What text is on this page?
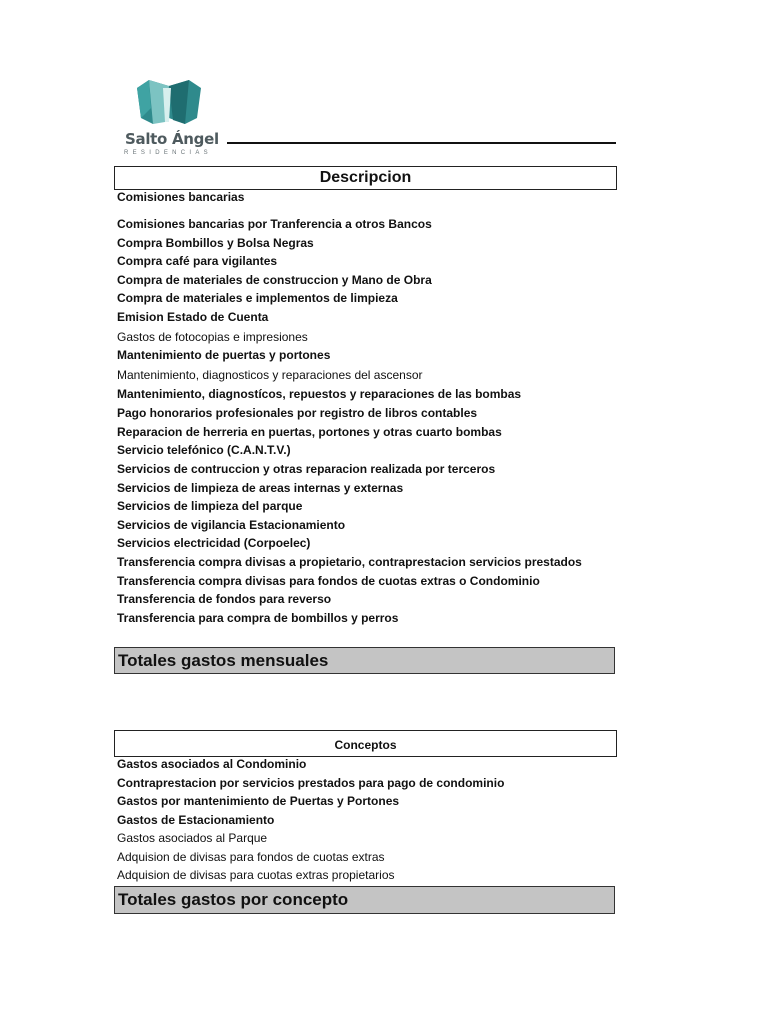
Salto Ángel
RESIDENCIAS
Descripcion
Comisiones bancarias
Comisiones bancarias por Tranferencia a otros Bancos
Compra Bombillos y Bolsa Negras
Compra café para vigilantes
Compra de materiales de construccion y Mano de Obra
Compra de materiales e implementos de limpieza
Emision Estado de Cuenta
Gastos de fotocopias e impresiones
Mantenimiento de puertas y portones
Mantenimiento, diagnosticos y reparaciones del ascensor
Mantenimiento, diagnostícos, repuestos y reparaciones de las bombas
Pago honorarios profesionales por registro de libros contables
Reparacion de herreria en puertas, portones y otras cuarto bombas
Servicio telefónico (C.A.N.T.V.)
Servicios de contruccion y otras reparacion realizada por terceros
Servicios de limpieza de areas internas y externas
Servicios de limpieza del parque
Servicios de vigilancia Estacionamiento
Servicios electricidad (Corpoelec)
Transferencia compra divisas a propietario, contraprestacion servicios prestados
Transferencia compra divisas para fondos de cuotas extras o Condominio
Transferencia de fondos para reverso
Transferencia para compra de bombillos y perros
Totales gastos mensuales
Conceptos
Gastos asociados al Condominio
Contraprestacion por servicios prestados para pago de condominio
Gastos por mantenimiento de Puertas y Portones
Gastos de Estacionamiento
Gastos asociados al Parque
Adquision de divisas para fondos de cuotas extras
Adquision de divisas para cuotas extras propietarios
Totales gastos por concepto
